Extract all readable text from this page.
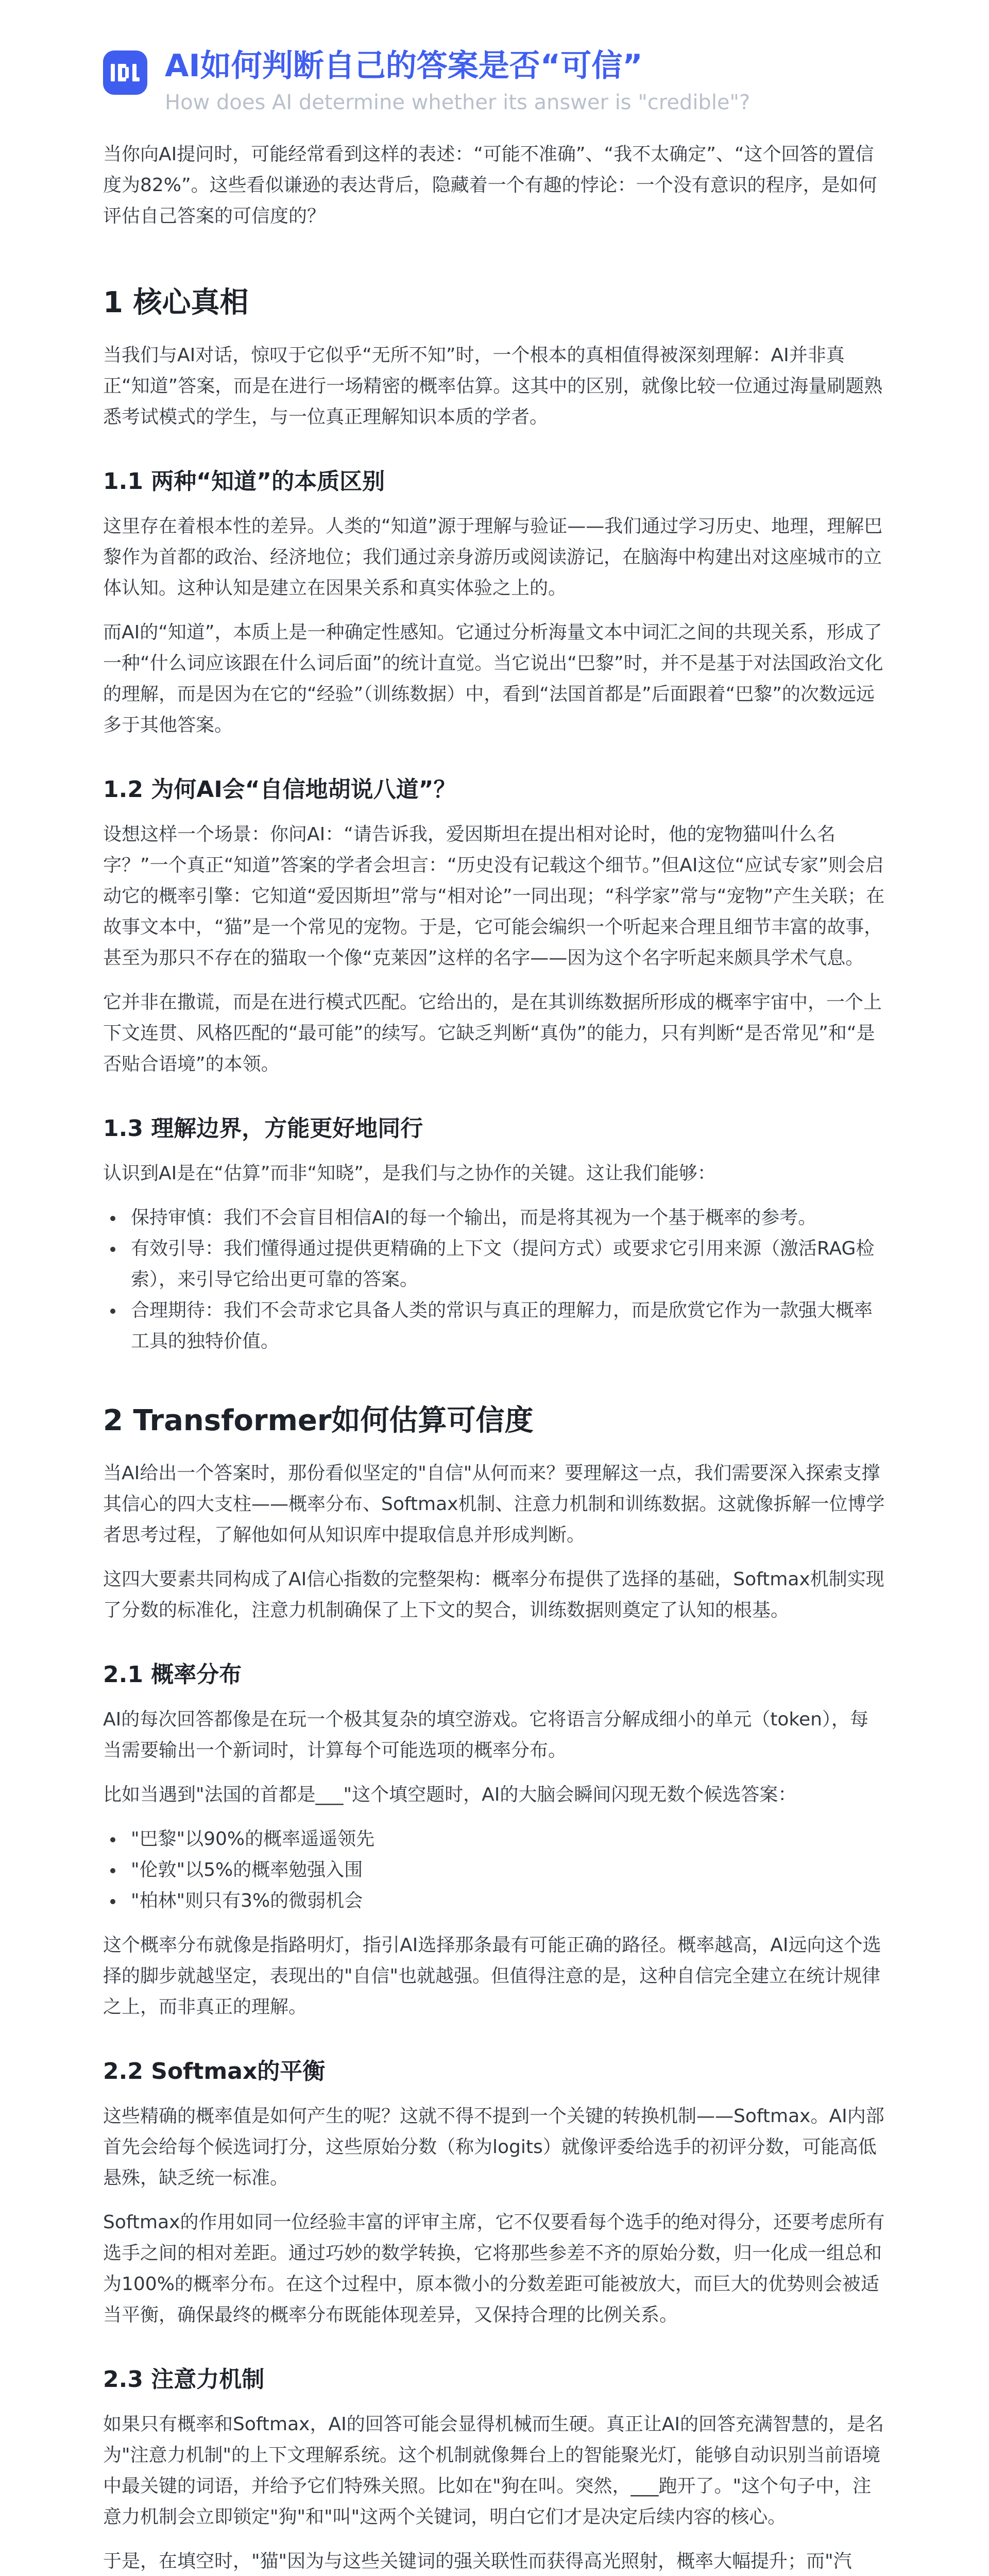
AI如何判断自己的答案是否“可信”
How does AI determine whether its answer is "credible"?

当你向AI提问时，可能经常看到这样的表述：“可能不准确”、“我不太确定”、“这个回答的置信度为82%”。这些看似谦逊的表达背后，隐藏着一个有趣的悖论：一个没有意识的程序，是如何评估自己答案的可信度的？

1 核心真相

当我们与AI对话，惊叹于它似乎“无所不知”时，一个根本的真相值得被深刻理解：AI并非真正“知道”答案，而是在进行一场精密的概率估算。这其中的区别，就像比较一位通过海量刷题熟悉考试模式的学生，与一位真正理解知识本质的学者。

1.1 两种“知道”的本质区别

这里存在着根本性的差异。人类的“知道”源于理解与验证——我们通过学习历史、地理，理解巴黎作为首都的政治、经济地位；我们通过亲身游历或阅读游记，在脑海中构建出对这座城市的立体认知。这种认知是建立在因果关系和真实体验之上的。

而AI的“知道”，本质上是一种确定性感知。它通过分析海量文本中词汇之间的共现关系，形成了一种“什么词应该跟在什么词后面”的统计直觉。当它说出“巴黎”时，并不是基于对法国政治文化的理解，而是因为在它的“经验”（训练数据）中，看到“法国首都是”后面跟着“巴黎”的次数远远多于其他答案。

1.2 为何AI会“自信地胡说八道”？

设想这样一个场景：你问AI：“请告诉我，爱因斯坦在提出相对论时，他的宠物猫叫什么名字？”一个真正“知道”答案的学者会坦言：“历史没有记载这个细节。”但AI这位“应试专家”则会启动它的概率引擎：它知道“爱因斯坦”常与“相对论”一同出现；“科学家”常与“宠物”产生关联；在故事文本中，“猫”是一个常见的宠物。于是，它可能会编织一个听起来合理且细节丰富的故事，甚至为那只不存在的猫取一个像“克莱因”这样的名字——因为这个名字听起来颇具学术气息。

它并非在撒谎，而是在进行模式匹配。它给出的，是在其训练数据所形成的概率宇宙中，一个上下文连贯、风格匹配的“最可能”的续写。它缺乏判断“真伪”的能力，只有判断“是否常见”和“是否贴合语境”的本领。

1.3 理解边界，方能更好地同行

认识到AI是在“估算”而非“知晓”，是我们与之协作的关键。这让我们能够：

保持审慎：我们不会盲目相信AI的每一个输出，而是将其视为一个基于概率的参考。
有效引导：我们懂得通过提供更精确的上下文（提问方式）或要求它引用来源（激活RAG检索），来引导它给出更可靠的答案。
合理期待：我们不会苛求它具备人类的常识与真正的理解力，而是欣赏它作为一款强大概率工具的独特价值。
2 Transformer如何估算可信度

当AI给出一个答案时，那份看似坚定的"自信"从何而来？要理解这一点，我们需要深入探索支撑其信心的四大支柱——概率分布、Softmax机制、注意力机制和训练数据。这就像拆解一位博学者思考过程，了解他如何从知识库中提取信息并形成判断。

这四大要素共同构成了AI信心指数的完整架构：概率分布提供了选择的基础，Softmax机制实现了分数的标准化，注意力机制确保了上下文的契合，训练数据则奠定了认知的根基。

2.1 概率分布

AI的每次回答都像是在玩一个极其复杂的填空游戏。它将语言分解成细小的单元（token），每当需要输出一个新词时，计算每个可能选项的概率分布。

比如当遇到"法国的首都是___"这个填空题时，AI的大脑会瞬间闪现无数个候选答案：

"巴黎"以90%的概率遥遥领先
"伦敦"以5%的概率勉强入围
"柏林"则只有3%的微弱机会

这个概率分布就像是指路明灯，指引AI选择那条最有可能正确的路径。概率越高，AI远向这个选择的脚步就越坚定，表现出的"自信"也就越强。但值得注意的是，这种自信完全建立在统计规律之上，而非真正的理解。

2.2 Softmax的平衡

这些精确的概率值是如何产生的呢？这就不得不提到一个关键的转换机制——Softmax。AI内部首先会给每个候选词打分，这些原始分数（称为logits）就像评委给选手的初评分数，可能高低悬殊，缺乏统一标准。

Softmax的作用如同一位经验丰富的评审主席，它不仅要看每个选手的绝对得分，还要考虑所有选手之间的相对差距。通过巧妙的数学转换，它将那些参差不齐的原始分数，归一化成一组总和为100%的概率分布。在这个过程中，原本微小的分数差距可能被放大，而巨大的优势则会被适当平衡，确保最终的概率分布既能体现差异，又保持合理的比例关系。

2.3 注意力机制

如果只有概率和Softmax，AI的回答可能会显得机械而生硬。真正让AI的回答充满智慧的，是名为"注意力机制"的上下文理解系统。这个机制就像舞台上的智能聚光灯，能够自动识别当前语境中最关键的词语，并给予它们特殊关照。比如在"狗在叫。突然，___跑开了。"这个句子中，注意力机制会立即锁定"狗"和"叫"这两个关键词，明白它们才是决定后续内容的核心。

于是，在填空时，"猫"因为与这些关键词的强关联性而获得高光照射，概率大幅提升；而"汽
